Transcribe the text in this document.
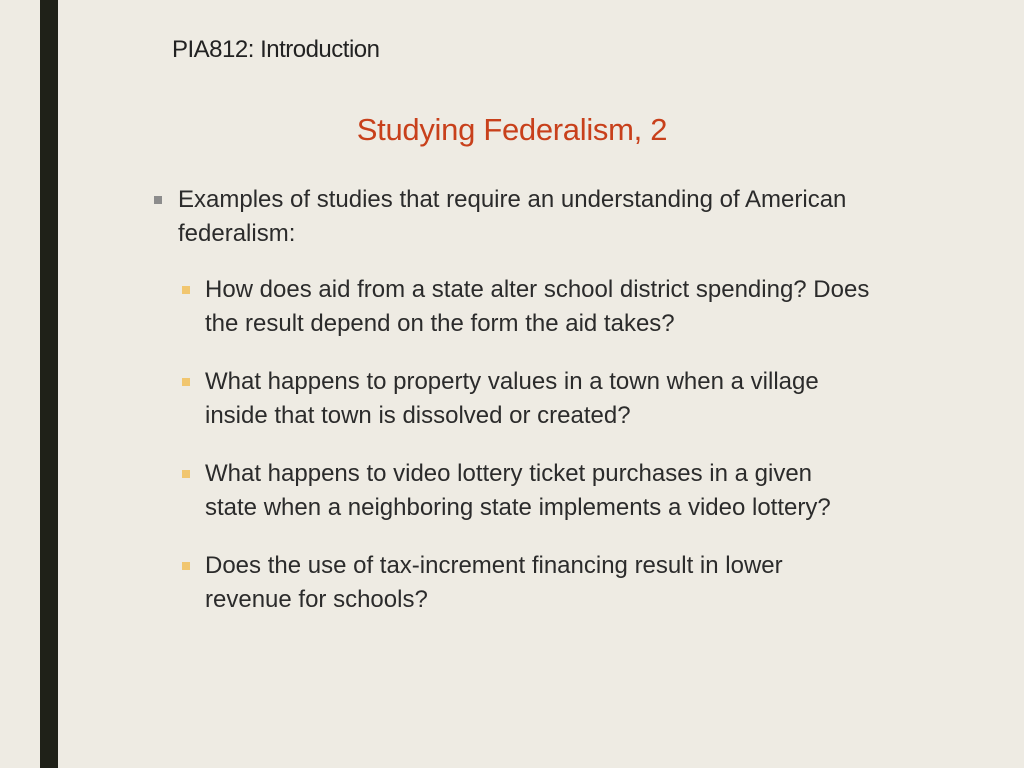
PIA812: Introduction
Studying Federalism, 2
Examples of studies that require an understanding of American federalism:
How does aid from a state alter school district spending? Does the result depend on the form the aid takes?
What happens to property values in a town when a village inside that town is dissolved or created?
What happens to video lottery ticket purchases in a given state when a neighboring state implements a video lottery?
Does the use of tax-increment financing result in lower revenue for schools?
